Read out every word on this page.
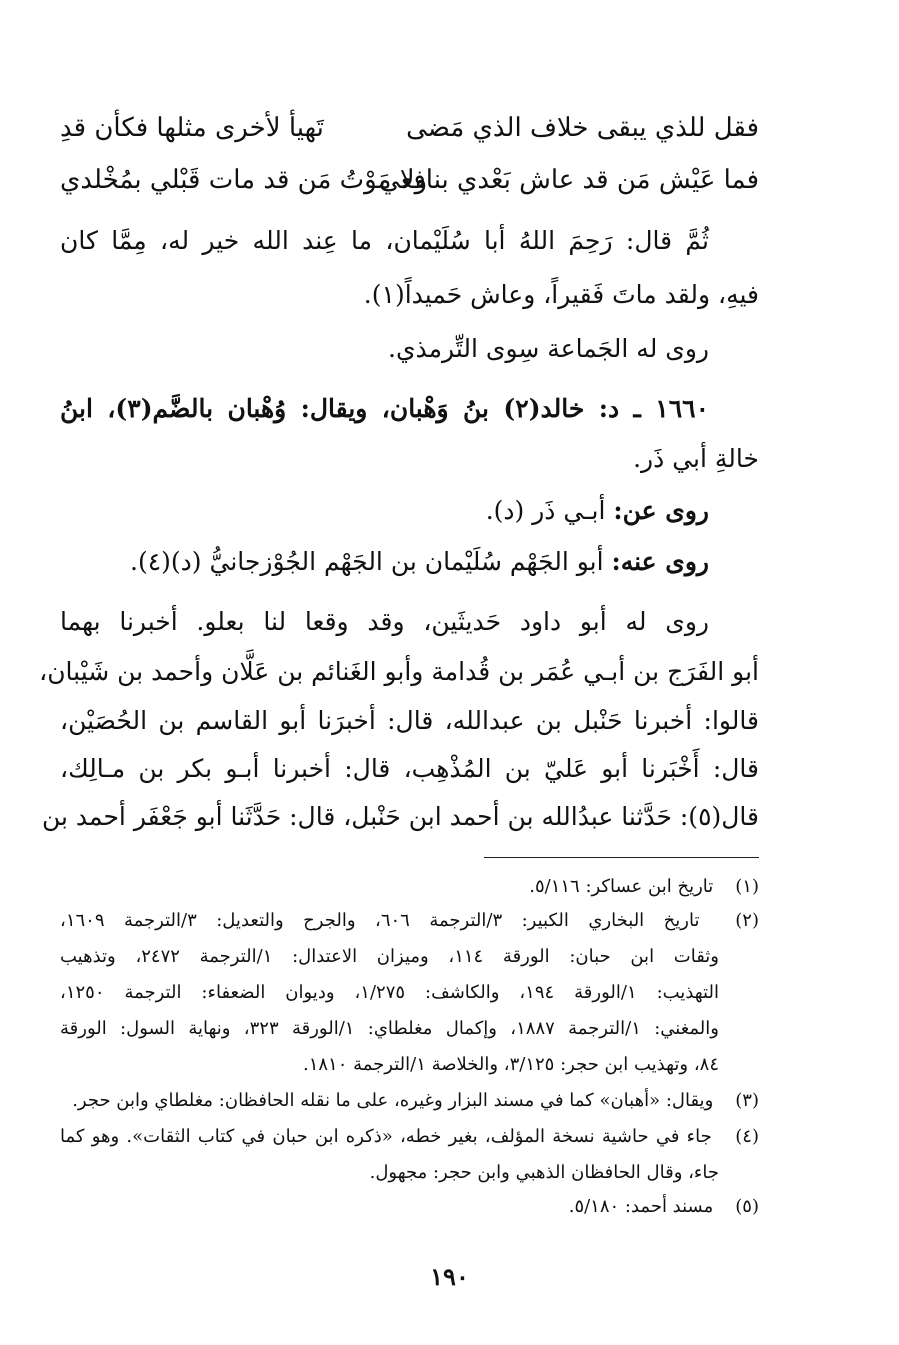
فقل للذي يبقى خلاف الذي مَضى
تَهيأ لأخرى مثلها فكأن قدِ
فما عَيْش مَن قد عاش بَعْدي بنافعي
ولا مَوْتُ مَن قد مات قَبْلي بمُخْلدي
ثُمَّ قال: رَحِمَ اللهُ أبا سُلَيْمان، ما عِند الله خير له، مِمَّا كان
فيهِ، ولقد ماتَ فَقيراً، وعاش حَميداً(١).
روى له الجَماعة سِوى التِّرمذي.
١٦٦٠ ـ د: خالد(٢) بنُ وَهْبان، ويقال: وُهْبان بالضَّم(٣)، ابنُ
خالةِ أبي ذَر.
روى عن: أبـي ذَر (د).
روى عنه: أبو الجَهْم سُلَيْمان بن الجَهْم الجُوْزجانيُّ (د)(٤).
روى له أبو داود حَديثَين، وقد وقعا لنا بعلو. أخبرنا بهما
أبو الفَرَج بن أبـي عُمَر بن قُدامة وأبو الغَنائم بن عَلَّان وأحمد بن شَيْبان،
قالوا: أخبرنا حَنْبل بن عبدالله، قال: أخبرَنا أبو القاسم بن الحُصَيْن،
قال: أَخْبَرنا أبو عَليّ بن المُذْهِب، قال: أخبرنا أبـو بكر بن مـالِك،
قال(٥): حَدَّثنا عبدُالله بن أحمد ابن حَنْبل، قال: حَدَّثَنا أبو جَعْفَر أحمد بن
(١) تاريخ ابن عساكر: ٥/١١٦.
(٢) تاريخ البخاري الكبير: ٣/الترجمة ٦٠٦، والجرح والتعديل: ٣/الترجمة ١٦٠٩،
وثقات ابن حبان: الورقة ١١٤، وميزان الاعتدال: ١/الترجمة ٢٤٧٢، وتذهيب
التهذيب: ١/الورقة ١٩٤، والكاشف: ١/٢٧٥، وديوان الضعفاء: الترجمة ١٢٥٠،
والمغني: ١/الترجمة ١٨٨٧، وإكمال مغلطاي: ١/الورقة ٣٢٣، ونهاية السول: الورقة
٨٤، وتهذيب ابن حجر: ٣/١٢٥، والخلاصة ١/الترجمة ١٨١٠.
(٣) ويقال: «أهبان» كما في مسند البزار وغيره، على ما نقله الحافظان: مغلطاي وابن حجر.
(٤) جاء في حاشية نسخة المؤلف، بغير خطه، «ذكره ابن حبان في كتاب الثقات». وهو كما
جاء، وقال الحافظان الذهبي وابن حجر: مجهول.
(٥) مسند أحمد: ٥/١٨٠.
١٩٠
